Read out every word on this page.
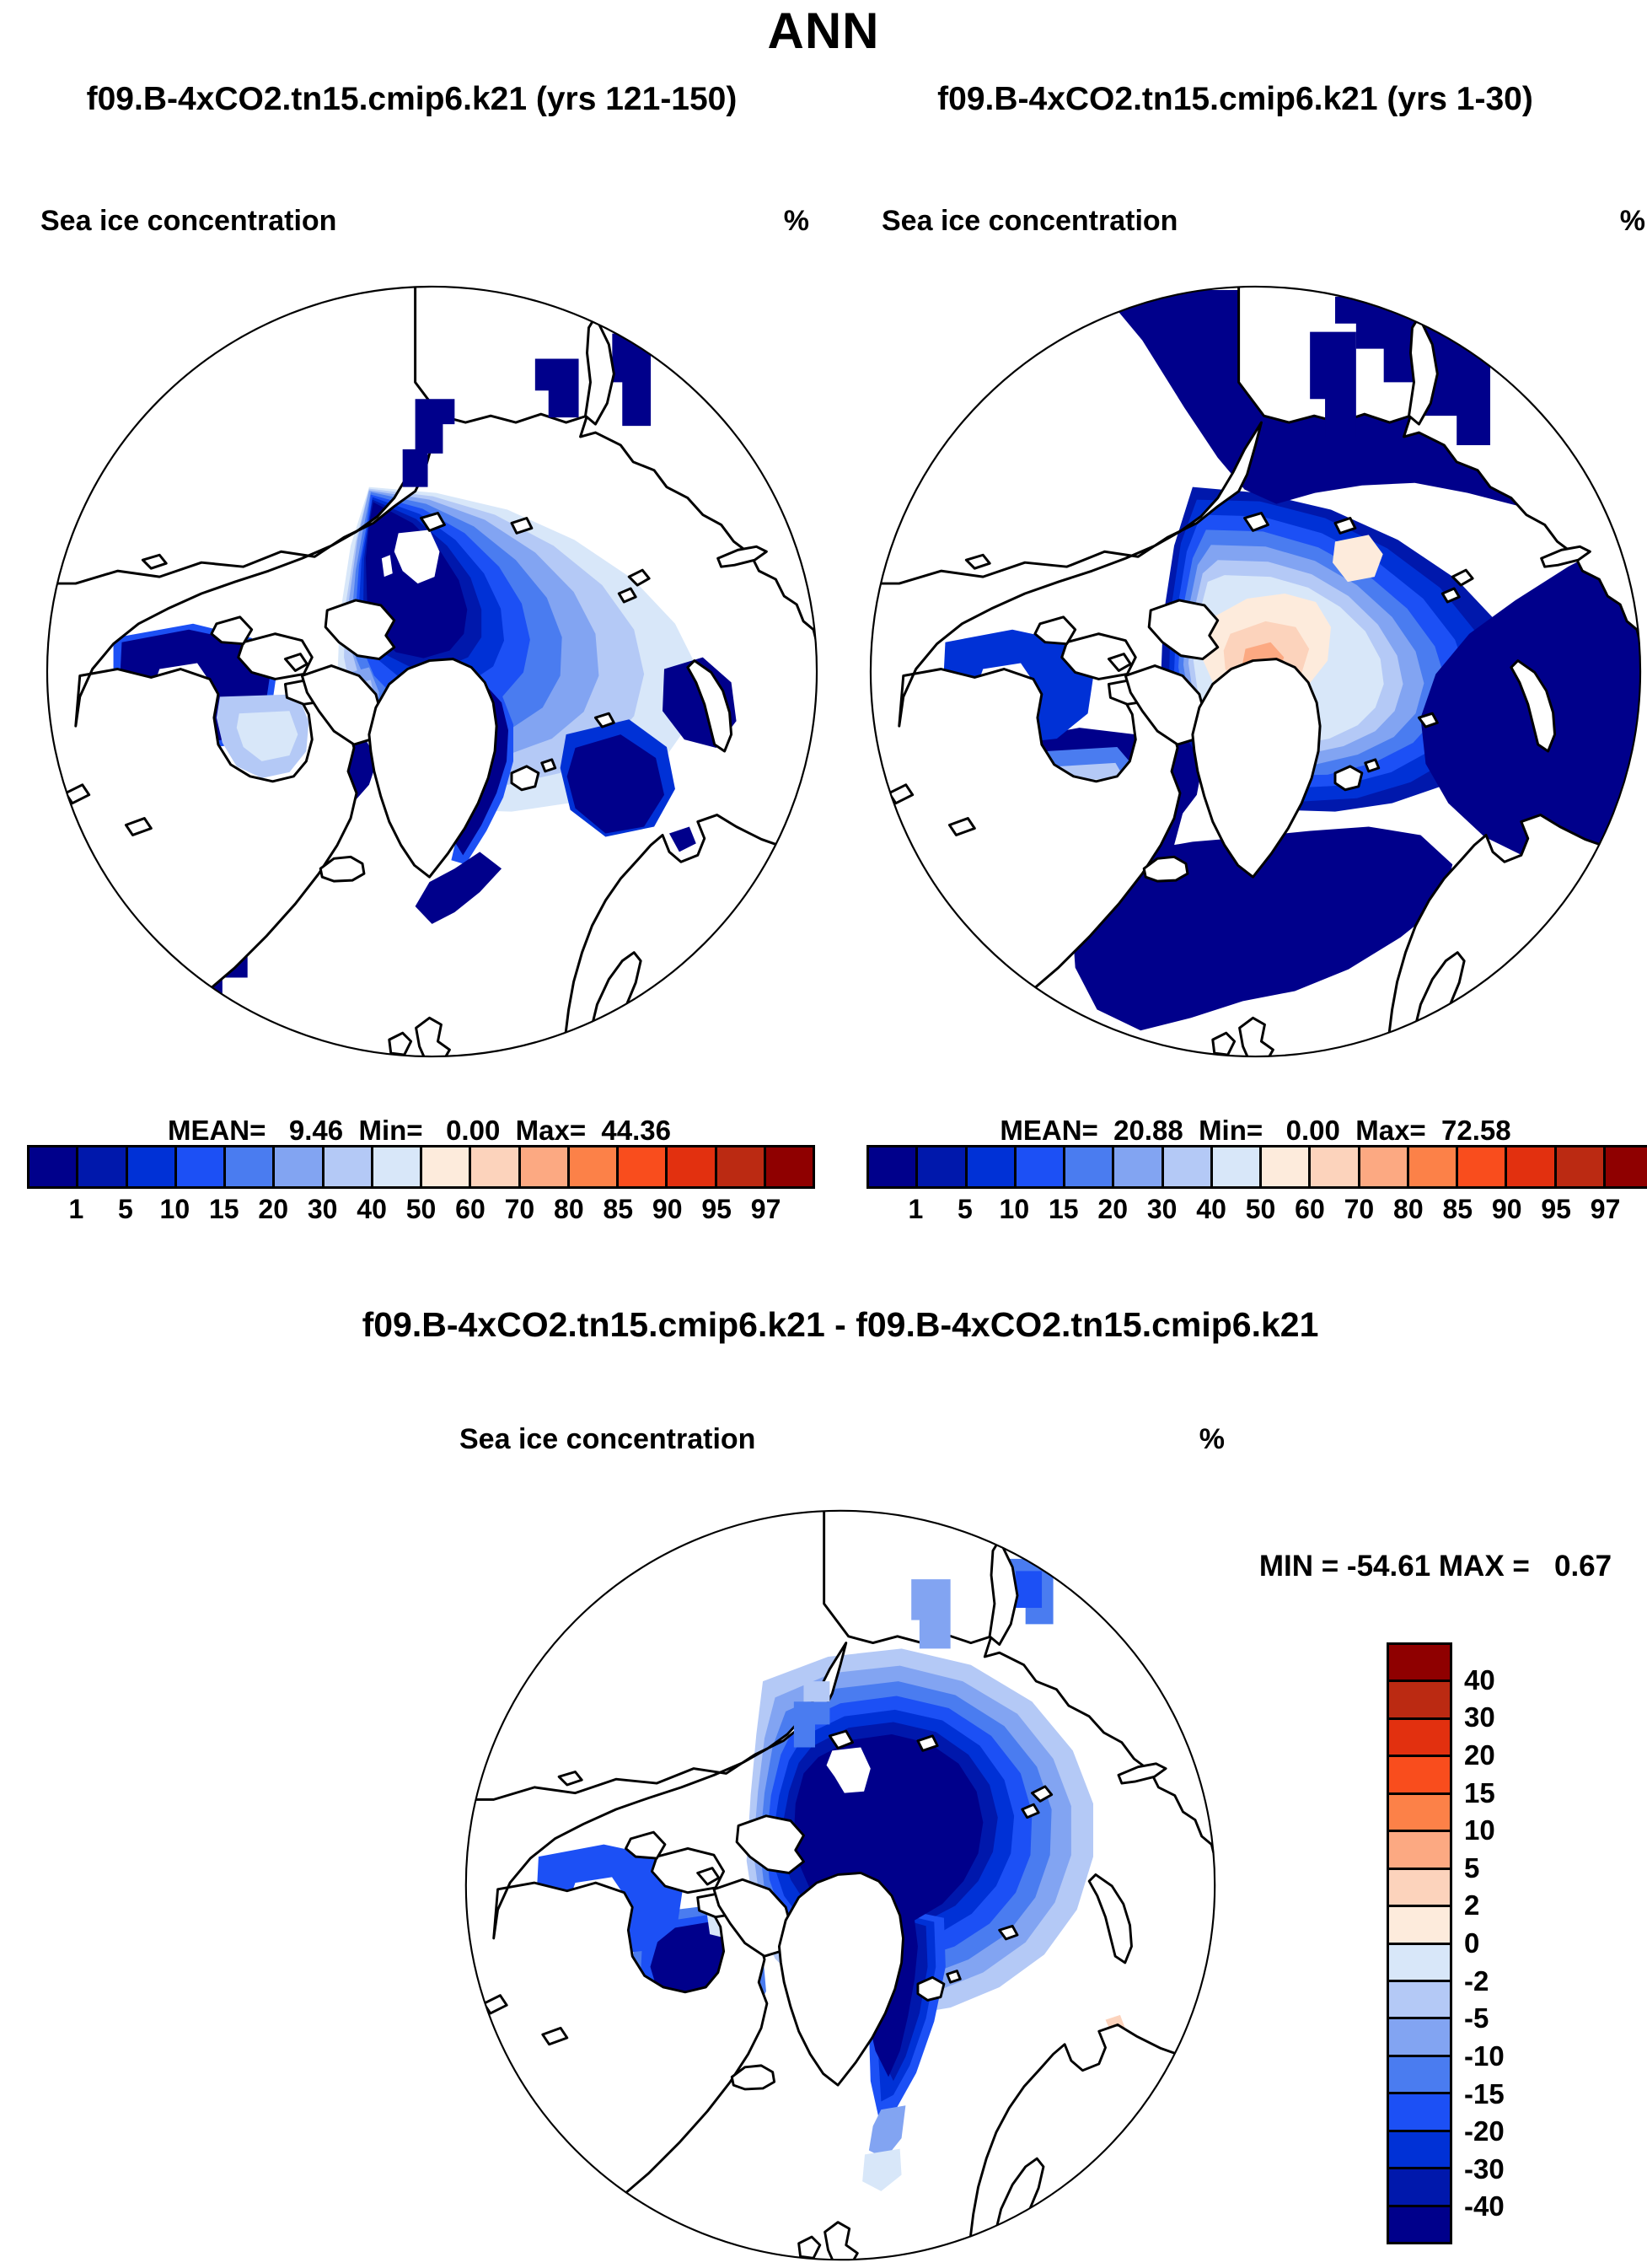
ANN
f09.B-4xCO2.tn15.cmip6.k21 (yrs 121-150)	f09.B-4xCO2.tn15.cmip6.k21 (yrs 1-30)
Sea ice concentration	%	Sea ice concentration	%
MEAN=   9.46  Min=   0.00  Max=  44.36	MEAN=  20.88  Min=   0.00  Max=  72.58
1 5 10 15 20 30 40 50 60 70 80 85 90 95 97	1 5 10 15 20 30 40 50 60 70 80 85 90 95 97
f09.B-4xCO2.tn15.cmip6.k21 - f09.B-4xCO2.tn15.cmip6.k21
Sea ice concentration	%
MIN = -54.61 MAX =   0.67
40
30
20
15
10
5
2
0
-2
-5
-10
-15
-20
-30
-40
